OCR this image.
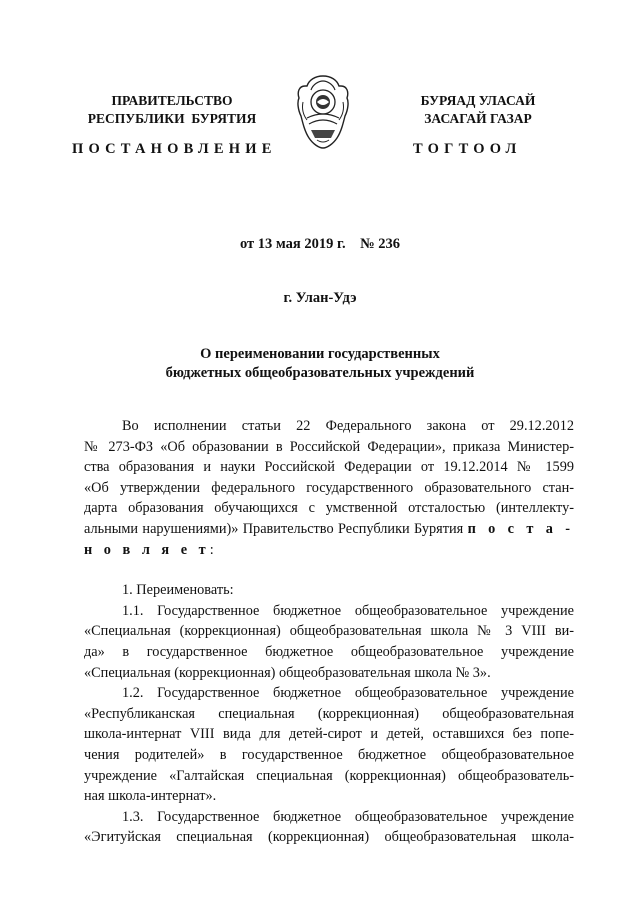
ПРАВИТЕЛЬСТВО
РЕСПУБЛИКИ  БУРЯТИЯ
БУРЯАД УЛАСАЙ
ЗАСАГАЙ ГАЗАР
ПОСТАНОВЛЕНИЕ	ТОГТООЛ
от 13 мая 2019 г.    № 236
г. Улан-Удэ
О переименовании государственных
бюджетных общеобразовательных учреждений
Во исполнении статьи 22 Федерального закона от 29.12.2012
№ 273-ФЗ «Об образовании в Российской Федерации», приказа Министер-
ства образования и науки Российской Федерации от 19.12.2014 № 1599
«Об утверждении федерального государственного образовательного стан-
дарта образования обучающихся с умственной отсталостью (интеллекту-
альными нарушениями)» Правительство Республики Бурятия п о с т а -
н о в л я е т:
1. Переименовать:
1.1. Государственное бюджетное общеобразовательное учреждение
«Специальная (коррекционная) общеобразовательная школа № 3 VIII ви-
да» в государственное бюджетное общеобразовательное учреждение
«Специальная (коррекционная) общеобразовательная школа № 3».
1.2. Государственное бюджетное общеобразовательное учреждение
«Республиканская специальная (коррекционная) общеобразовательная
школа-интернат VIII вида для детей-сирот и детей, оставшихся без попе-
чения родителей» в государственное бюджетное общеобразовательное
учреждение «Галтайская специальная (коррекционная) общеобразователь-
ная школа-интернат».
1.3. Государственное бюджетное общеобразовательное учреждение
«Эгитуйская специальная (коррекционная) общеобразовательная школа-
